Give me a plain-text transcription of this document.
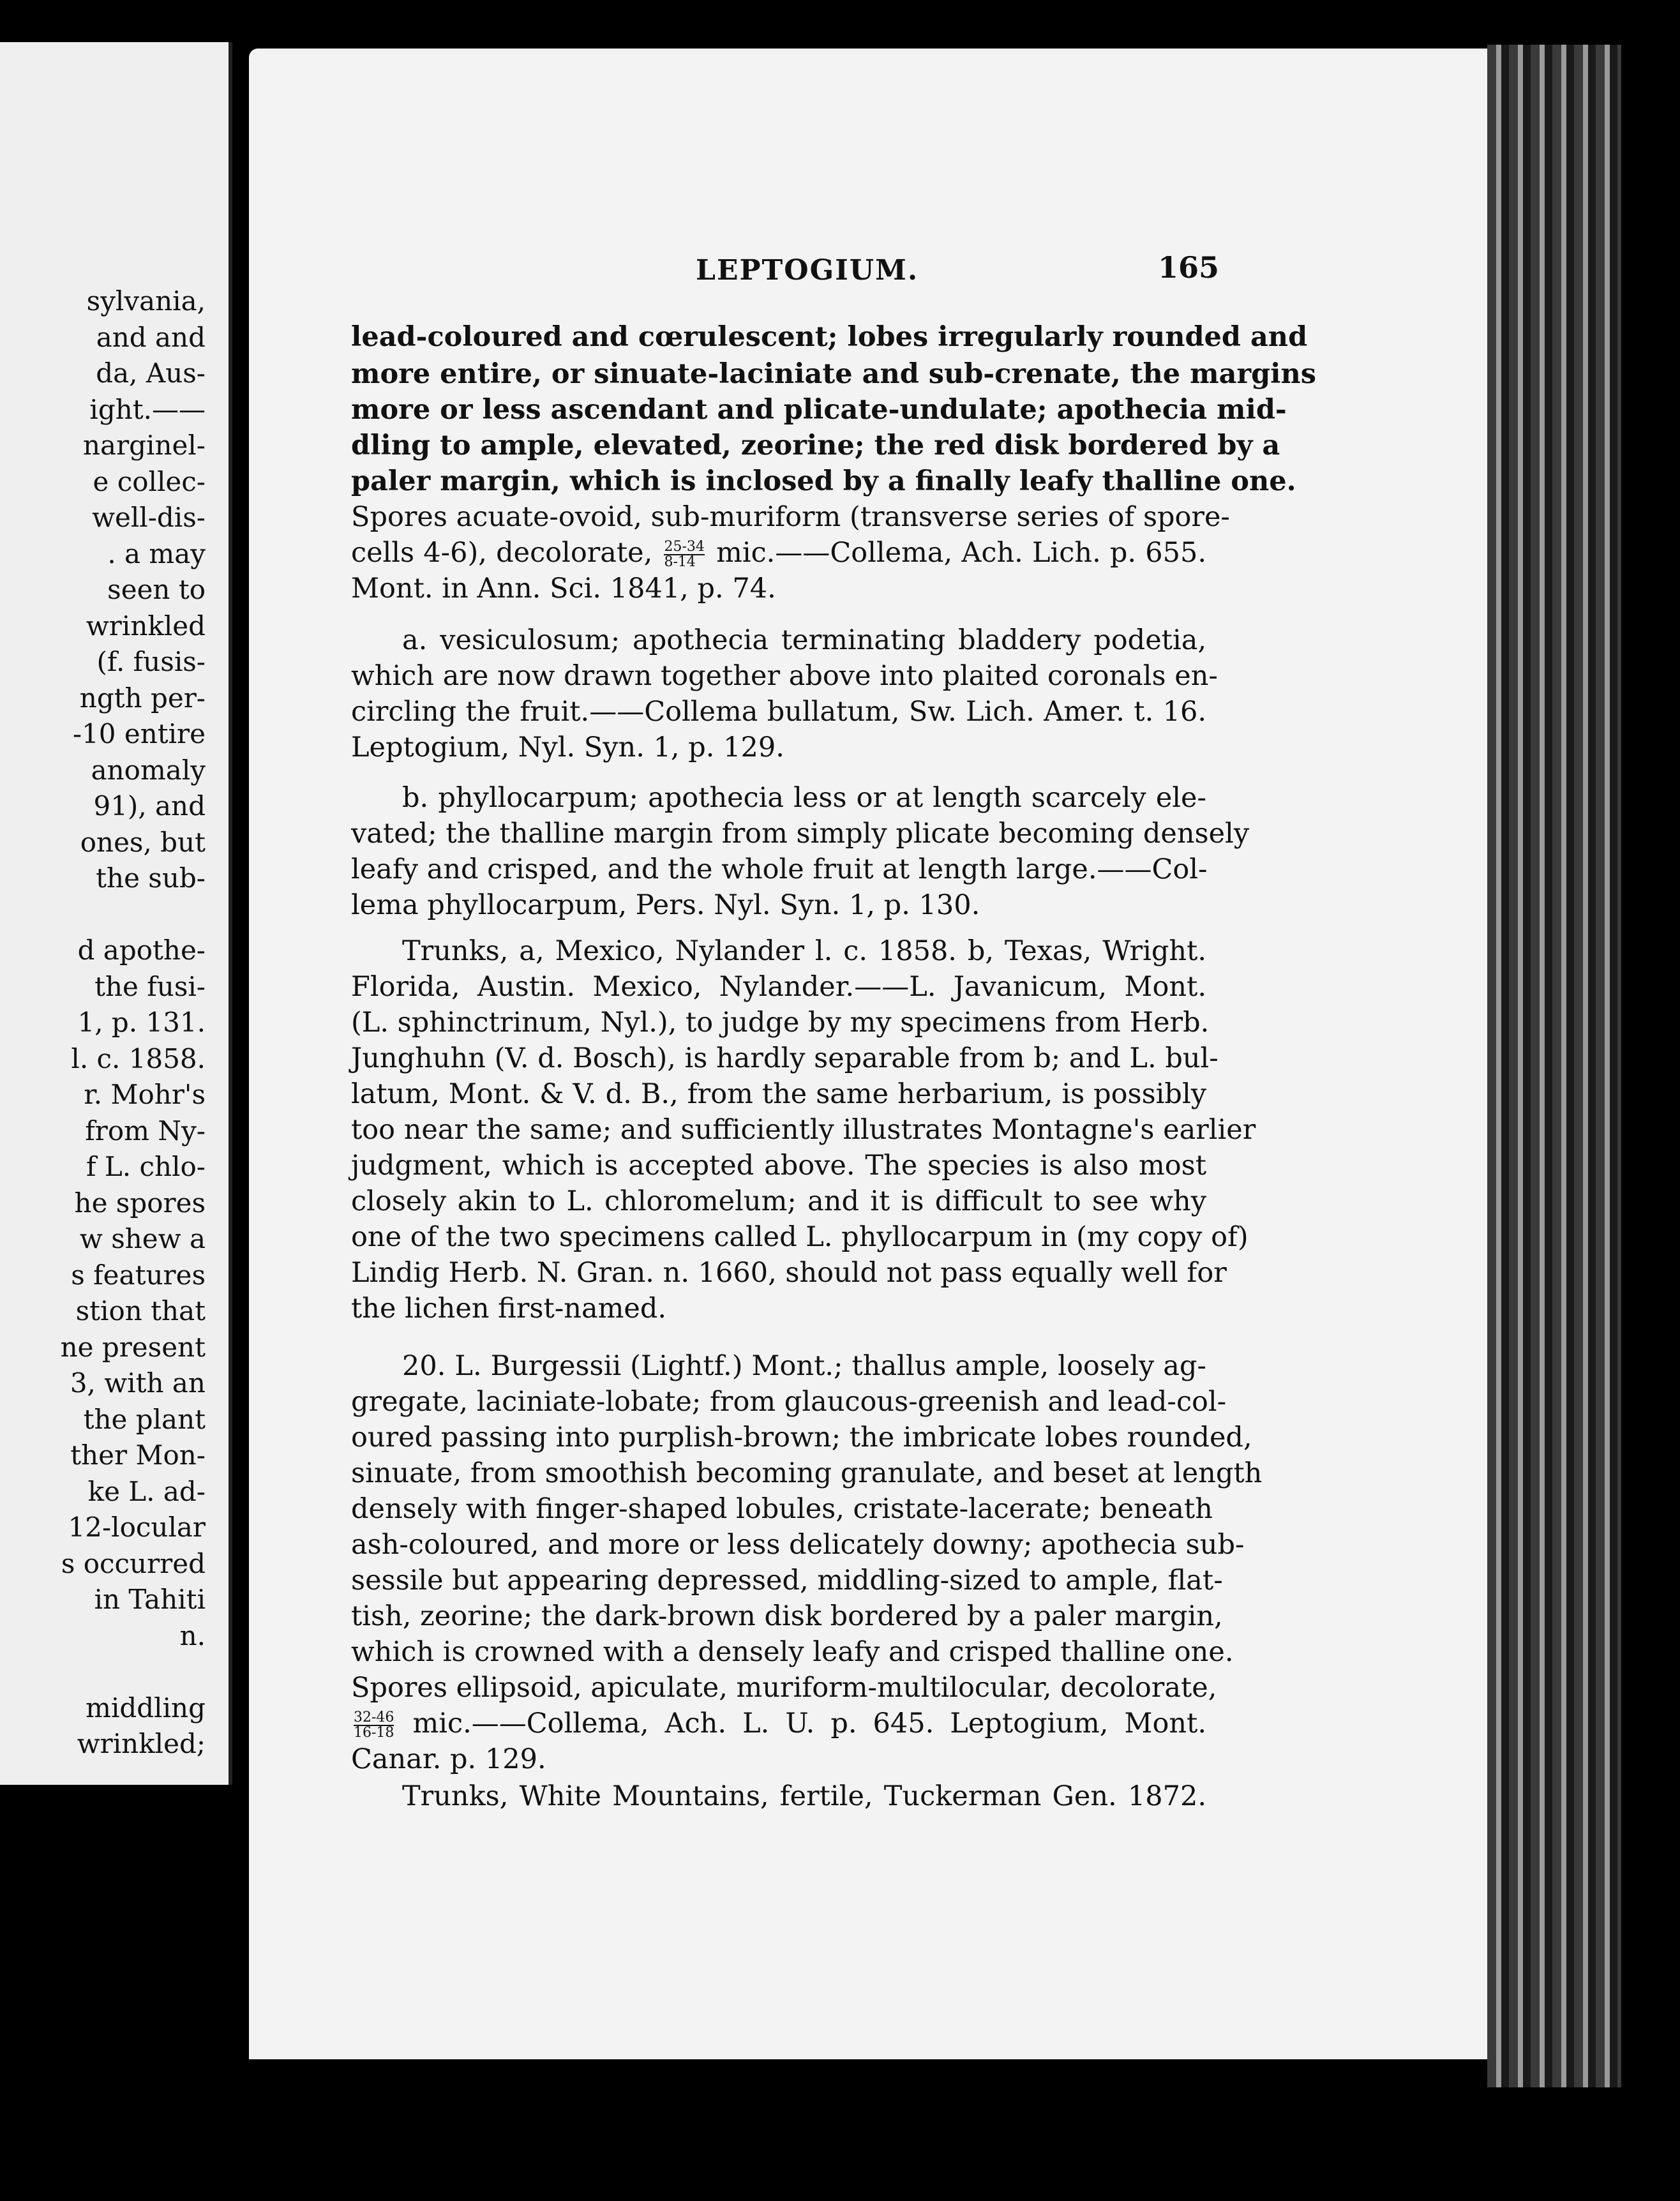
sylvania,
and and
da, Aus-
ight.——
narginel-
e collec-
well-dis-
. a may
seen to
wrinkled
(f. fusis-
ngth per-
-10 entire
anomaly
91), and
ones, but
the sub-
d apothe-
the fusi-
1, p. 131.
l. c. 1858.
r. Mohr's
from Ny-
f L. chlo-
he spores
w shew a
s features
stion that
ne present
3, with an
the plant
ther Mon-
ke L. ad-
12-locular
s occurred
in Tahiti
n.
middling
wrinkled;
LEPTOGIUM.	165
lead-coloured and cœrulescent; lobes irregularly rounded and
more entire, or sinuate-laciniate and sub-crenate, the margins
more or less ascendant and plicate-undulate; apothecia mid-
dling to ample, elevated, zeorine; the red disk bordered by a
paler margin, which is inclosed by a finally leafy thalline one.
Spores acuate-ovoid, sub-muriform (transverse series of spore-
cells 4-6), decolorate, $\frac{25-34}{8-14}$ mic.——Collema, Ach. Lich. p. 655.
Mont. in Ann. Sci. 1841, p. 74.
a. vesiculosum; apothecia terminating bladdery podetia,
which are now drawn together above into plaited coronals en-
circling the fruit.——Collema bullatum, Sw. Lich. Amer. t. 16.
Leptogium, Nyl. Syn. 1, p. 129.
b. phyllocarpum; apothecia less or at length scarcely ele-
vated; the thalline margin from simply plicate becoming densely
leafy and crisped, and the whole fruit at length large.——Col-
lema phyllocarpum, Pers. Nyl. Syn. 1, p. 130.
Trunks, a, Mexico, Nylander l. c. 1858. b, Texas, Wright.
Florida, Austin. Mexico, Nylander.——L. Javanicum, Mont.
(L. sphinctrinum, Nyl.), to judge by my specimens from Herb.
Junghuhn (V. d. Bosch), is hardly separable from b; and L. bul-
latum, Mont. & V. d. B., from the same herbarium, is possibly
too near the same; and sufficiently illustrates Montagne's earlier
judgment, which is accepted above. The species is also most
closely akin to L. chloromelum; and it is difficult to see why
one of the two specimens called L. phyllocarpum in (my copy of)
Lindig Herb. N. Gran. n. 1660, should not pass equally well for
the lichen first-named.
20. L. Burgessii (Lightf.) Mont.; thallus ample, loosely ag-
gregate, laciniate-lobate; from glaucous-greenish and lead-col-
oured passing into purplish-brown; the imbricate lobes rounded,
sinuate, from smoothish becoming granulate, and beset at length
densely with finger-shaped lobules, cristate-lacerate; beneath
ash-coloured, and more or less delicately downy; apothecia sub-
sessile but appearing depressed, middling-sized to ample, flat-
tish, zeorine; the dark-brown disk bordered by a paler margin,
which is crowned with a densely leafy and crisped thalline one.
Spores ellipsoid, apiculate, muriform-multilocular, decolorate,
$\frac{32-46}{16-18}$ mic.——Collema, Ach. L. U. p. 645. Leptogium, Mont.
Canar. p. 129.
Trunks, White Mountains, fertile, Tuckerman Gen. 1872.
